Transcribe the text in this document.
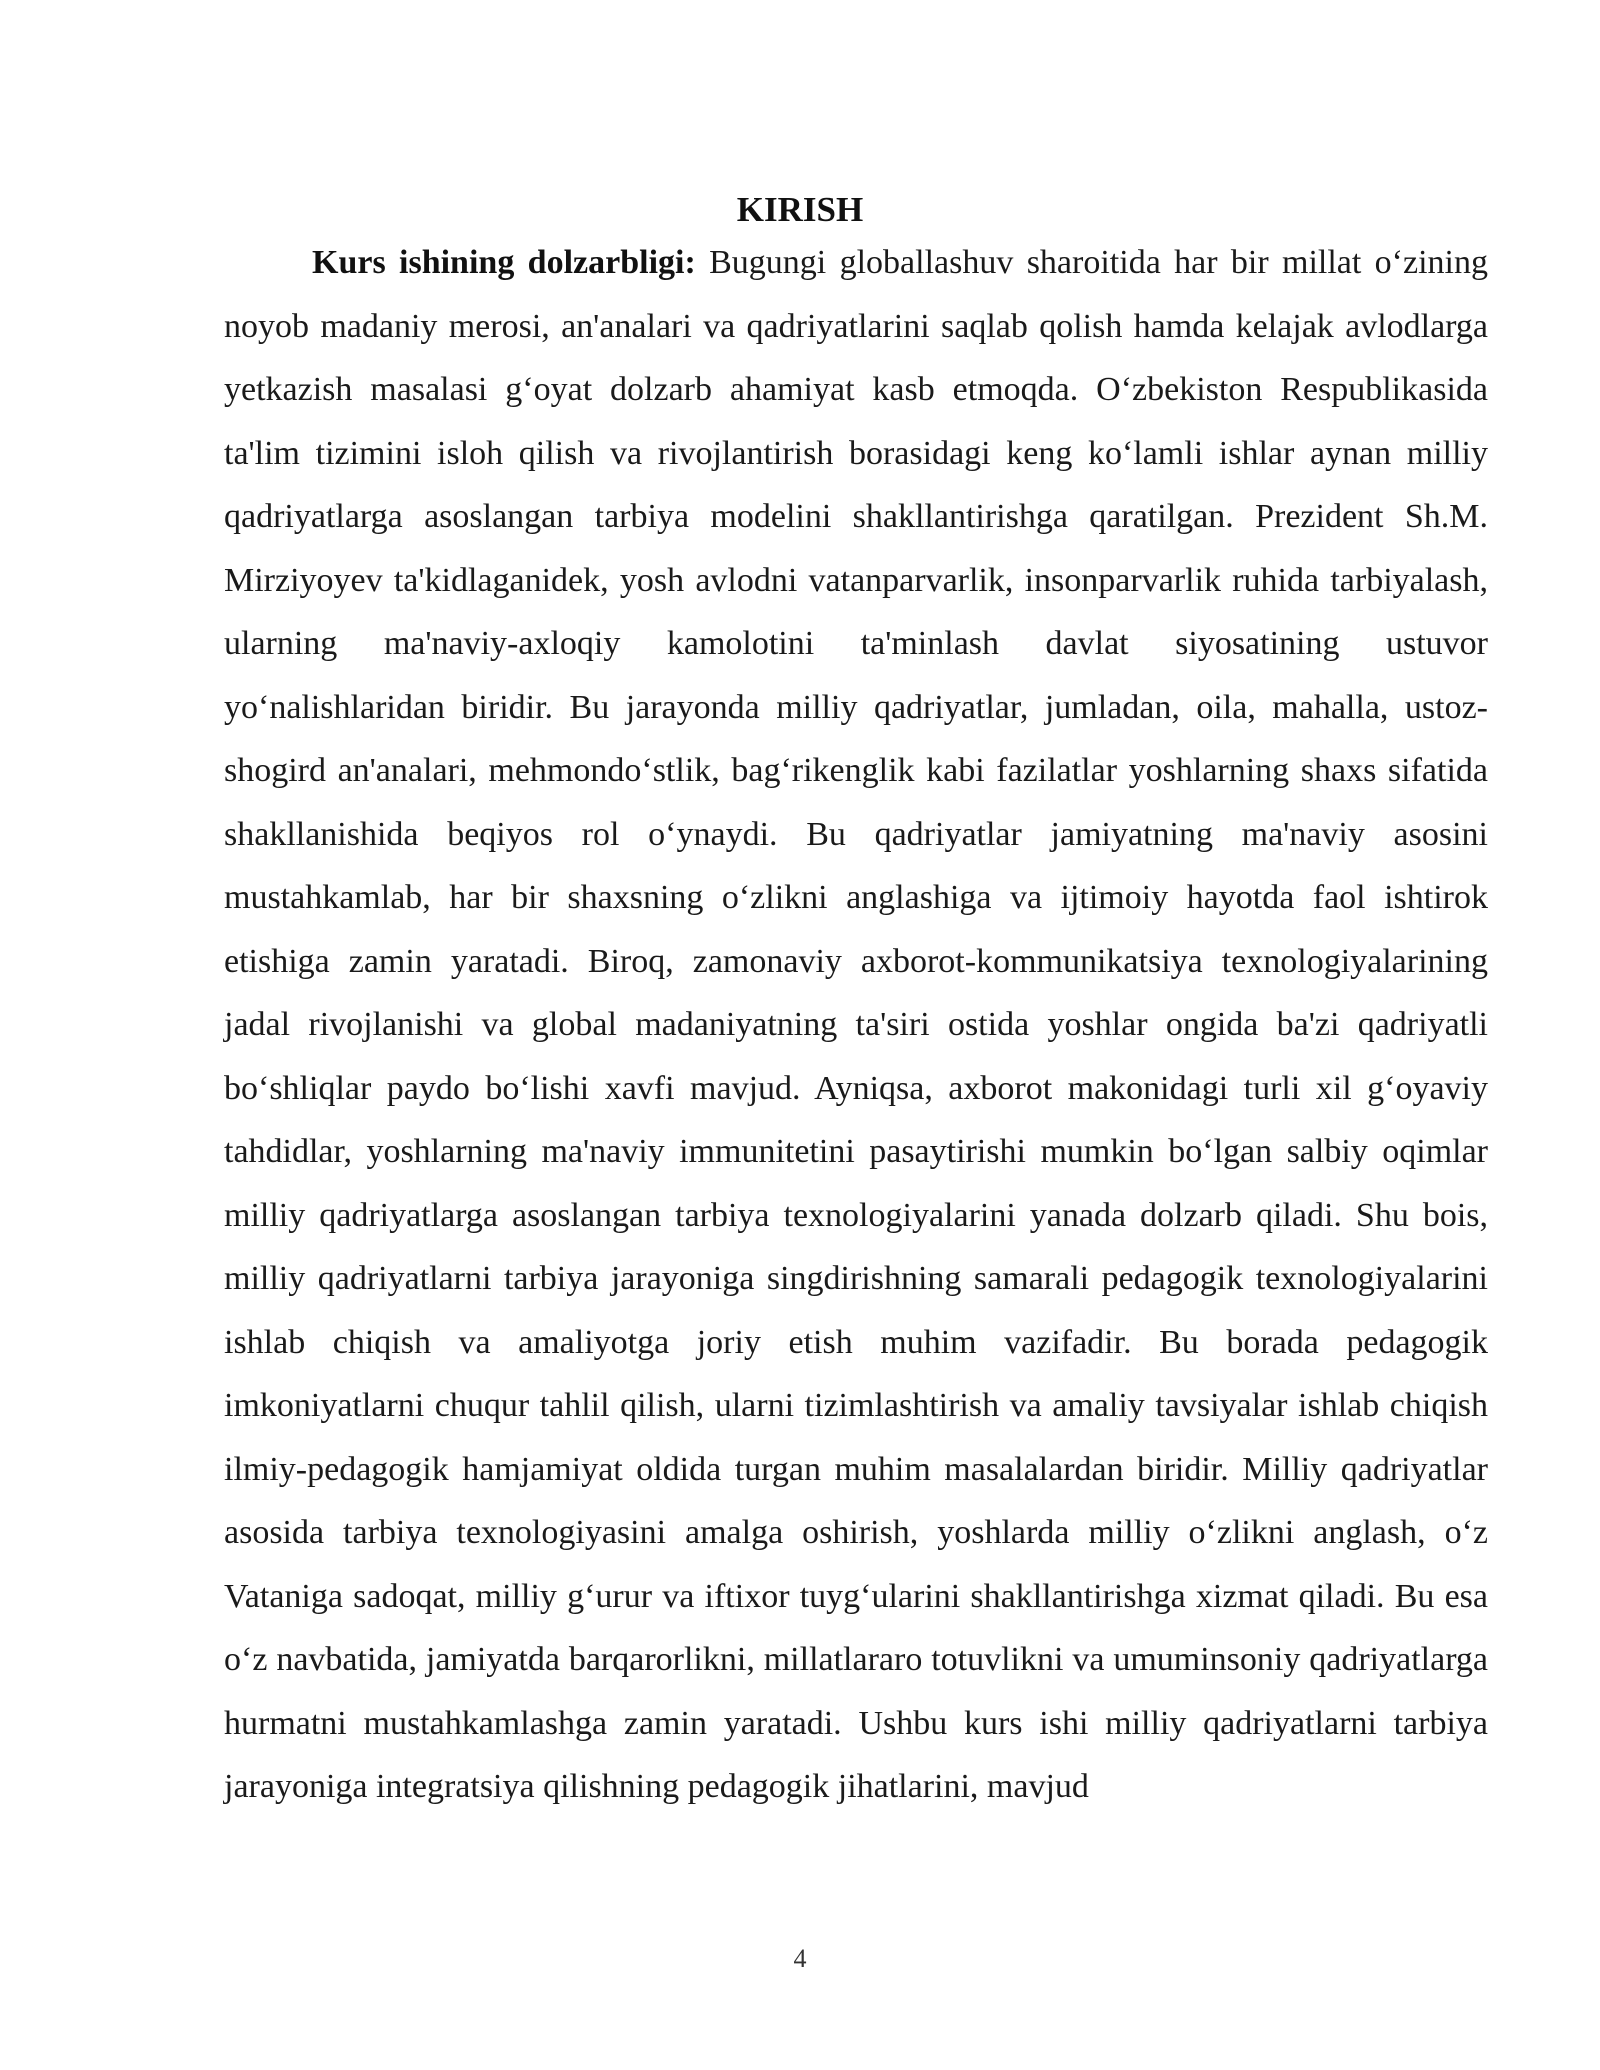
KIRISH

Kurs ishining dolzarbligi: Bugungi globallashuv sharoitida har bir millat o‘zining noyob madaniy merosi, an'analari va qadriyatlarini saqlab qolish hamda kelajak avlodlarga yetkazish masalasi g‘oyat dolzarb ahamiyat kasb etmoqda. O‘zbekiston Respublikasida ta'lim tizimini isloh qilish va rivojlantirish borasidagi keng ko‘lamli ishlar aynan milliy qadriyatlarga asoslangan tarbiya modelini shakllantirishga qaratilgan. Prezident Sh.M. Mirziyoyev ta'kidlaganidek, yosh avlodni vatanparvarlik, insonparvarlik ruhida tarbiyalash, ularning ma'naviy-axloqiy kamolotini ta'minlash davlat siyosatining ustuvor yo‘nalishlaridan biridir. Bu jarayonda milliy qadriyatlar, jumladan, oila, mahalla, ustoz-shogird an'analari, mehmondo‘stlik, bag‘rikenglik kabi fazilatlar yoshlarning shaxs sifatida shakllanishida beqiyos rol o‘ynaydi. Bu qadriyatlar jamiyatning ma'naviy asosini mustahkamlab, har bir shaxsning o‘zlikni anglashiga va ijtimoiy hayotda faol ishtirok etishiga zamin yaratadi. Biroq, zamonaviy axborot-kommunikatsiya texnologiyalarining jadal rivojlanishi va global madaniyatning ta'siri ostida yoshlar ongida ba'zi qadriyatli bo‘shliqlar paydo bo‘lishi xavfi mavjud. Ayniqsa, axborot makonidagi turli xil g‘oyaviy tahdidlar, yoshlarning ma'naviy immunitetini pasaytirishi mumkin bo‘lgan salbiy oqimlar milliy qadriyatlarga asoslangan tarbiya texnologiyalarini yanada dolzarb qiladi. Shu bois, milliy qadriyatlarni tarbiya jarayoniga singdirishning samarali pedagogik texnologiyalarini ishlab chiqish va amaliyotga joriy etish muhim vazifadir. Bu borada pedagogik imkoniyatlarni chuqur tahlil qilish, ularni tizimlashtirish va amaliy tavsiyalar ishlab chiqish ilmiy-pedagogik hamjamiyat oldida turgan muhim masalalardan biridir. Milliy qadriyatlar asosida tarbiya texnologiyasini amalga oshirish, yoshlarda milliy o‘zlikni anglash, o‘z Vataniga sadoqat, milliy g‘urur va iftixor tuyg‘ularini shakllantirishga xizmat qiladi. Bu esa o‘z navbatida, jamiyatda barqarorlikni, millatlararo totuvlikni va umuminsoniy qadriyatlarga hurmatni mustahkamlashga zamin yaratadi. Ushbu kurs ishi milliy qadriyatlarni tarbiya jarayoniga integratsiya qilishning pedagogik jihatlarini, mavjud

4
